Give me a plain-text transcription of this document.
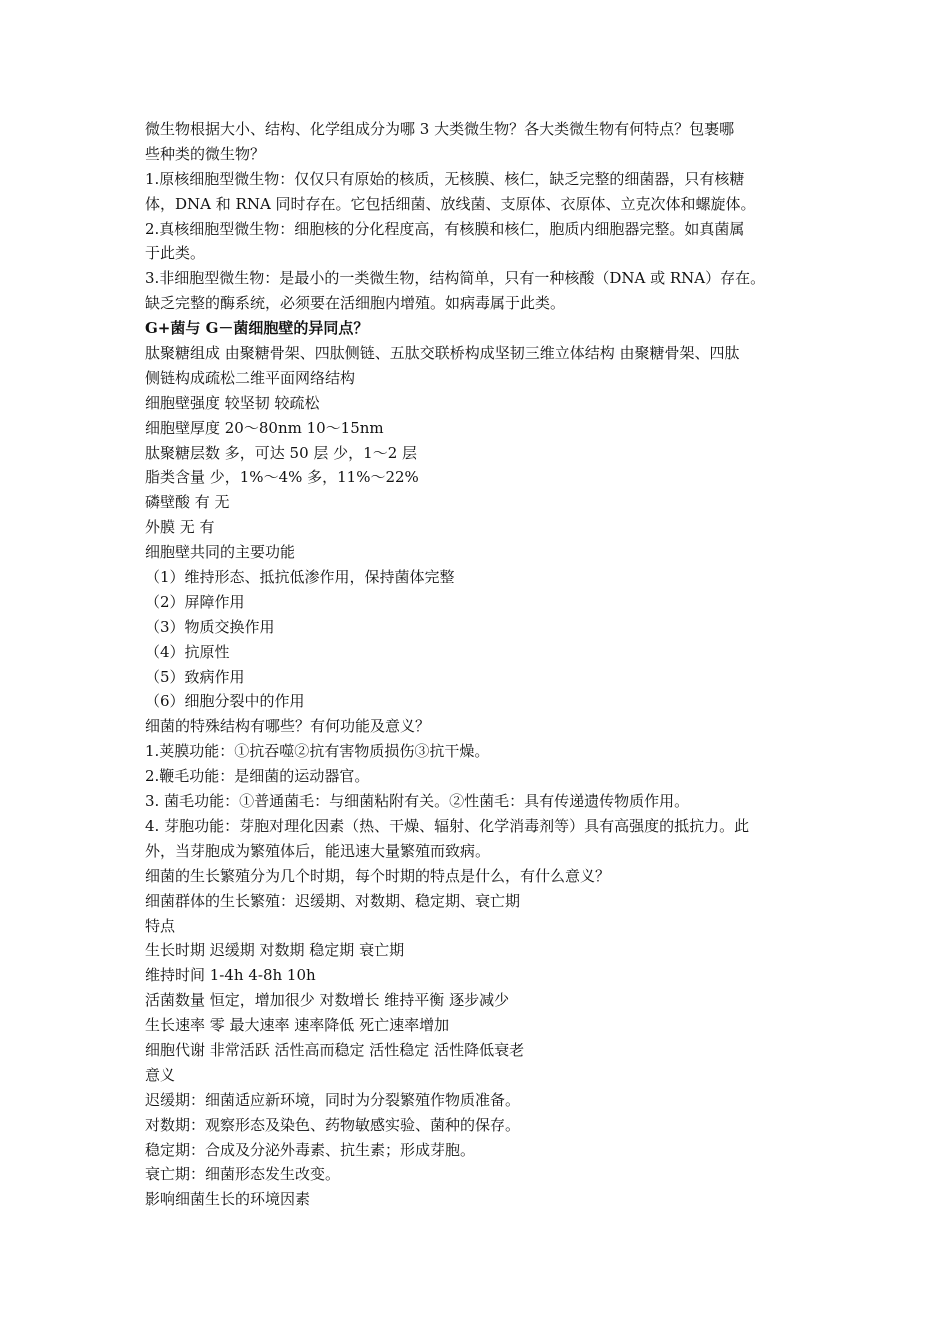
微生物根据大小、结构、化学组成分为哪 3 大类微生物？各大类微生物有何特点？包裹哪
些种类的微生物？
1.原核细胞型微生物：仅仅只有原始的核质，无核膜、核仁，缺乏完整的细菌器，只有核糖
体，DNA 和 RNA 同时存在。它包括细菌、放线菌、支原体、衣原体、立克次体和螺旋体。
2.真核细胞型微生物：细胞核的分化程度高，有核膜和核仁，胞质内细胞器完整。如真菌属
于此类。
3.非细胞型微生物：是最小的一类微生物，结构简单，只有一种核酸（DNA 或 RNA）存在。
缺乏完整的酶系统，必须要在活细胞内增殖。如病毒属于此类。
G+菌与 G－菌细胞壁的异同点？
肽聚糖组成 由聚糖骨架、四肽侧链、五肽交联桥构成坚韧三维立体结构 由聚糖骨架、四肽
侧链构成疏松二维平面网络结构
细胞壁强度 较坚韧 较疏松
细胞壁厚度 20～80nm 10～15nm
肽聚糖层数 多，可达 50 层 少，1～2 层
脂类含量 少，1%～4% 多，11%～22%
磷壁酸 有 无
外膜 无 有
细胞壁共同的主要功能
（1）维持形态、抵抗低渗作用，保持菌体完整
（2）屏障作用
（3）物质交换作用
（4）抗原性
（5）致病作用
（6）细胞分裂中的作用
细菌的特殊结构有哪些？有何功能及意义？
1.荚膜功能：①抗吞噬②抗有害物质损伤③抗干燥。
2.鞭毛功能：是细菌的运动器官。
3. 菌毛功能：①普通菌毛：与细菌粘附有关。②性菌毛：具有传递遗传物质作用。
4. 芽胞功能：芽胞对理化因素（热、干燥、辐射、化学消毒剂等）具有高强度的抵抗力。此
外，当芽胞成为繁殖体后，能迅速大量繁殖而致病。
细菌的生长繁殖分为几个时期，每个时期的特点是什么，有什么意义？
细菌群体的生长繁殖：迟缓期、对数期、稳定期、衰亡期
特点
生长时期 迟缓期 对数期 稳定期 衰亡期
维持时间 1-4h 4-8h 10h
活菌数量 恒定，增加很少 对数增长 维持平衡 逐步减少
生长速率 零 最大速率 速率降低 死亡速率增加
细胞代谢 非常活跃 活性高而稳定 活性稳定 活性降低衰老
意义
迟缓期：细菌适应新环境，同时为分裂繁殖作物质准备。
对数期：观察形态及染色、药物敏感实验、菌种的保存。
稳定期：合成及分泌外毒素、抗生素；形成芽胞。
衰亡期：细菌形态发生改变。
影响细菌生长的环境因素
